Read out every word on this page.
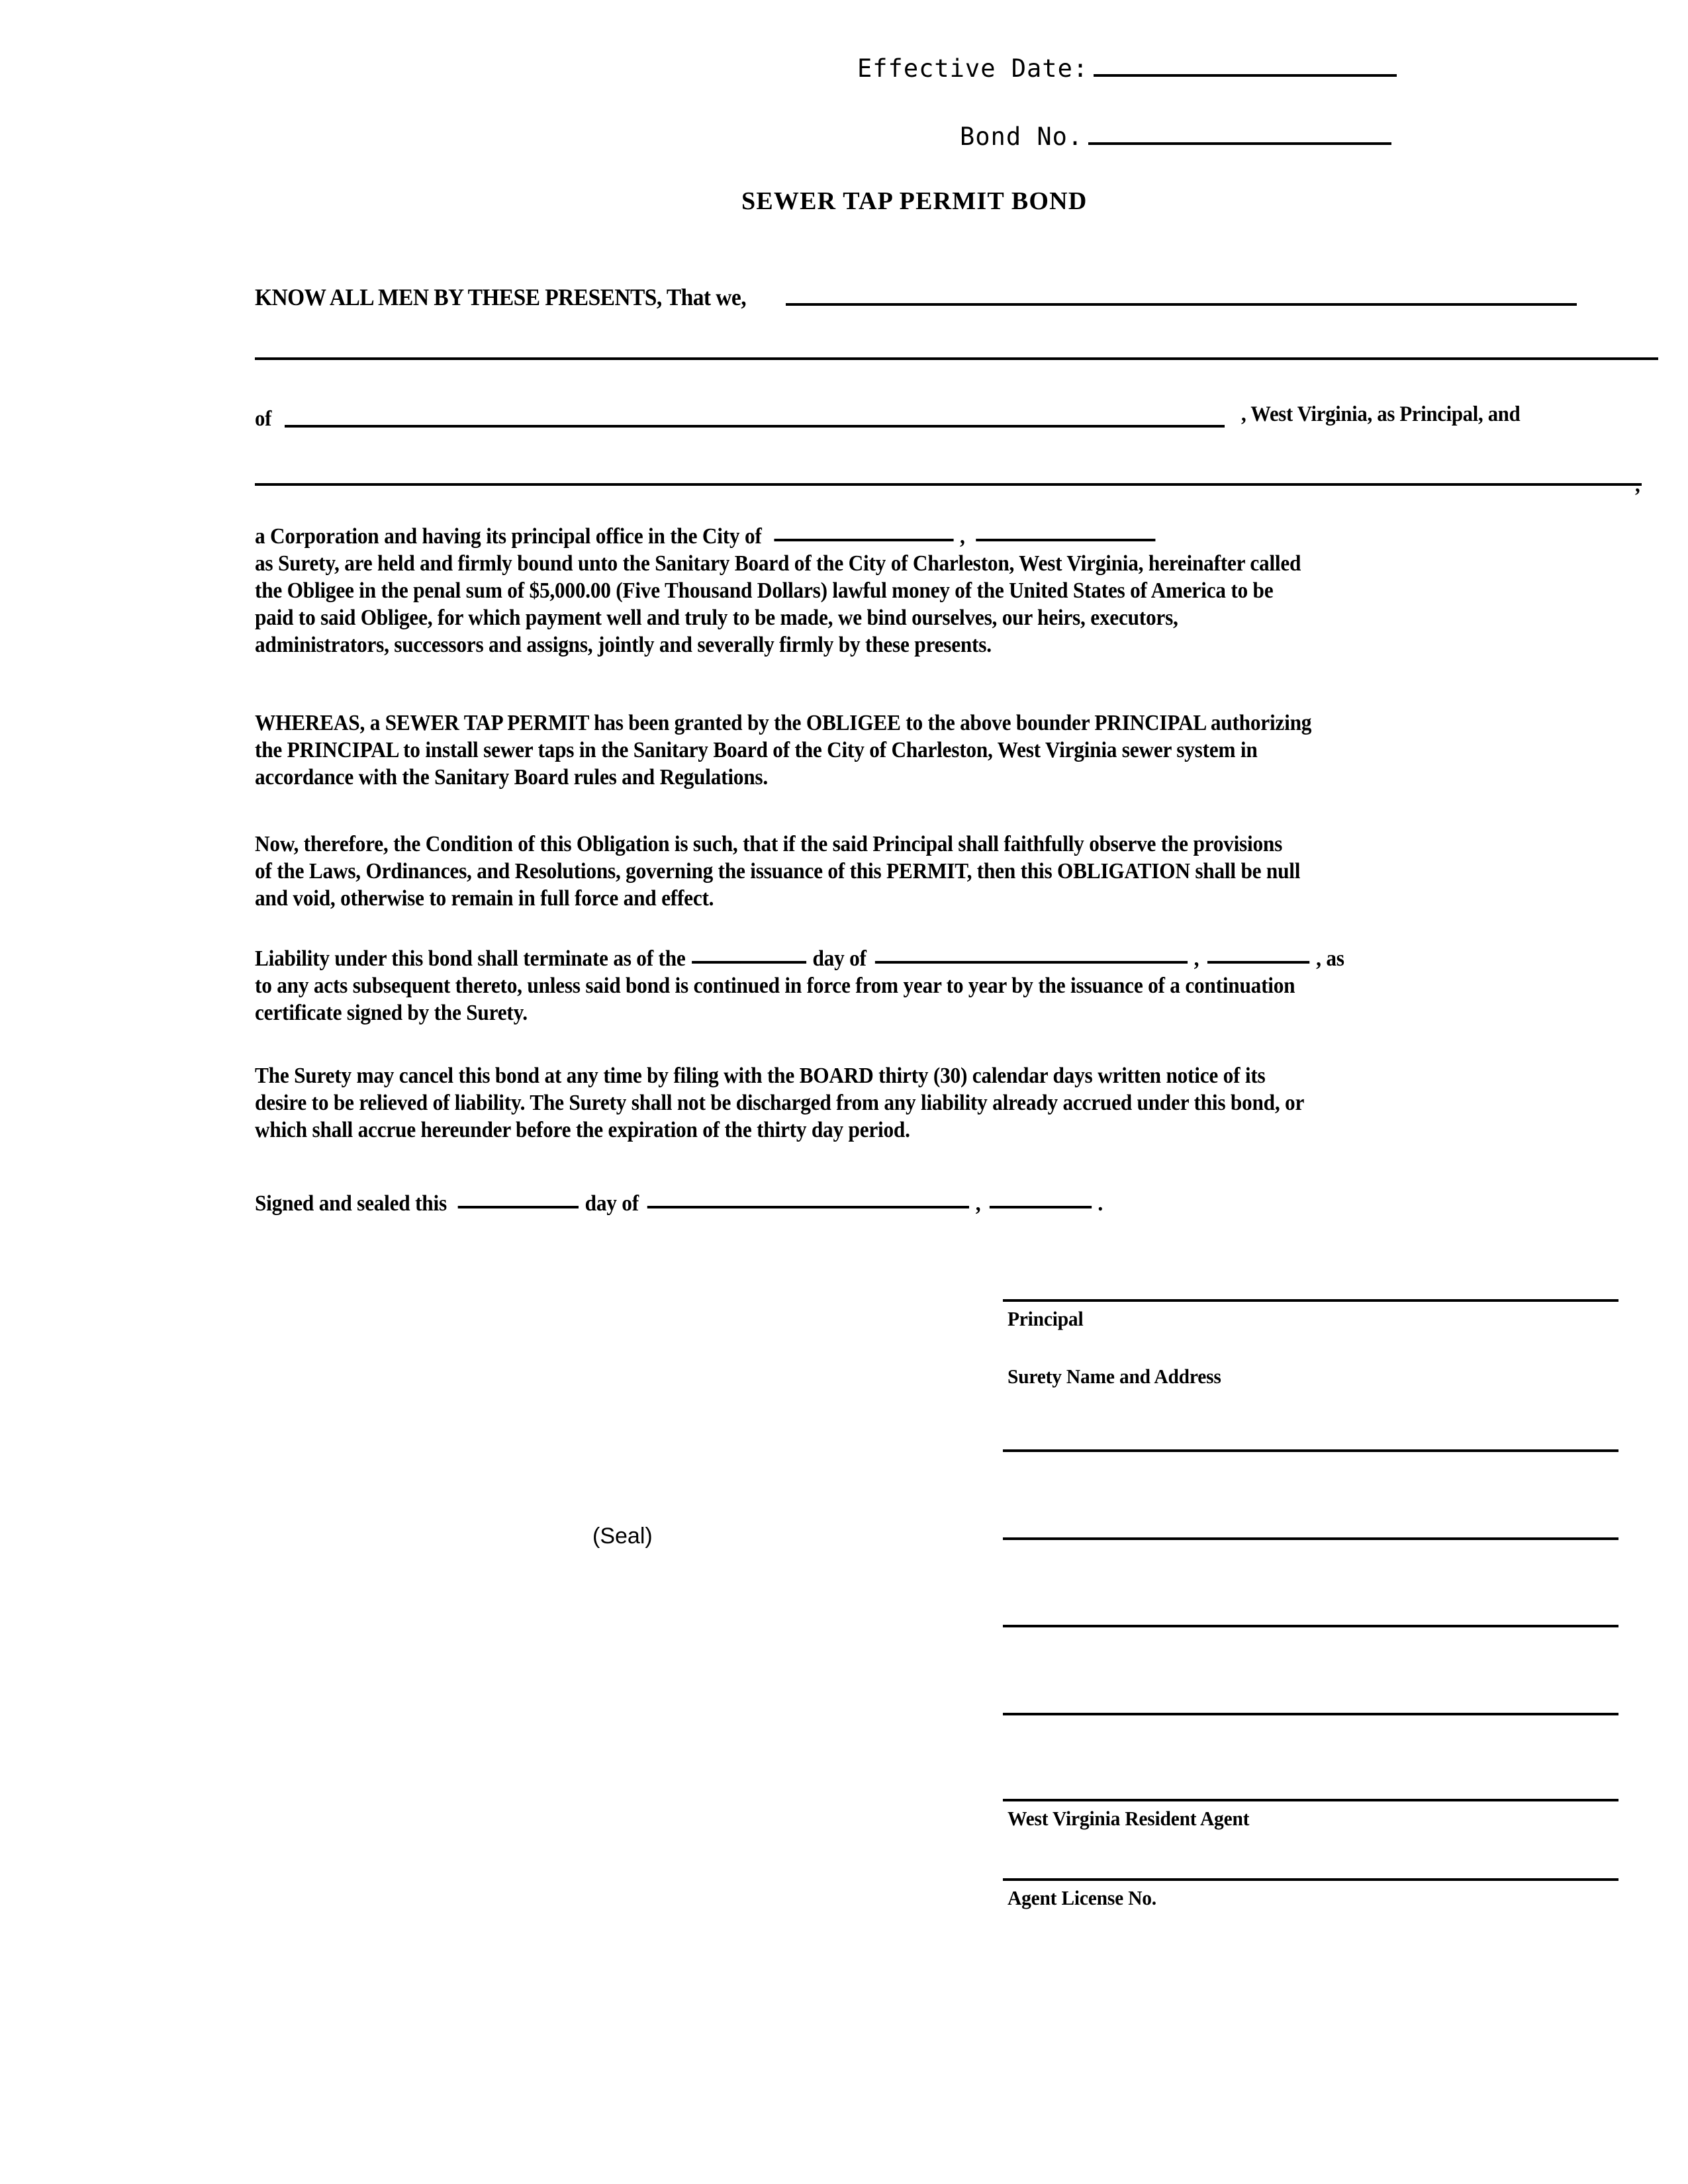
Effective Date:
Bond No.
SEWER TAP PERMIT BOND
KNOW ALL MEN BY THESE PRESENTS, That we,
of	, West Virginia, as Principal, and
,
a Corporation and having its principal office in the City of	,
as Surety, are held and firmly bound unto the Sanitary Board of the City of Charleston, West Virginia, hereinafter called
the Obligee in the penal sum of $5,000.00 (Five Thousand Dollars) lawful money of the United States of America to be
paid to said Obligee, for which payment well and truly to be made, we bind ourselves, our heirs, executors,
administrators, successors and assigns, jointly and severally firmly by these presents.
WHEREAS, a SEWER TAP PERMIT has been granted by the OBLIGEE to the above bounder PRINCIPAL authorizing
the PRINCIPAL to install sewer taps in the Sanitary Board of the City of Charleston, West Virginia sewer system in
accordance with the Sanitary Board rules and Regulations.
Now, therefore, the Condition of this Obligation is such, that if the said Principal shall faithfully observe the provisions
of the Laws, Ordinances, and Resolutions, governing the issuance of this PERMIT, then this OBLIGATION shall be null
and void, otherwise to remain in full force and effect.
Liability under this bond shall terminate as of the	day of	,	, as
to any acts subsequent thereto, unless said bond is continued in force from year to year by the issuance of a continuation
certificate signed by the Surety.
The Surety may cancel this bond at any time by filing with the BOARD thirty (30) calendar days written notice of its
desire to be relieved of liability. The Surety shall not be discharged from any liability already accrued under this bond, or
which shall accrue hereunder before the expiration of the thirty day period.
Signed and sealed this	day of	,	.
(Seal)
Principal
Surety Name and Address
West Virginia Resident Agent
Agent License No.
